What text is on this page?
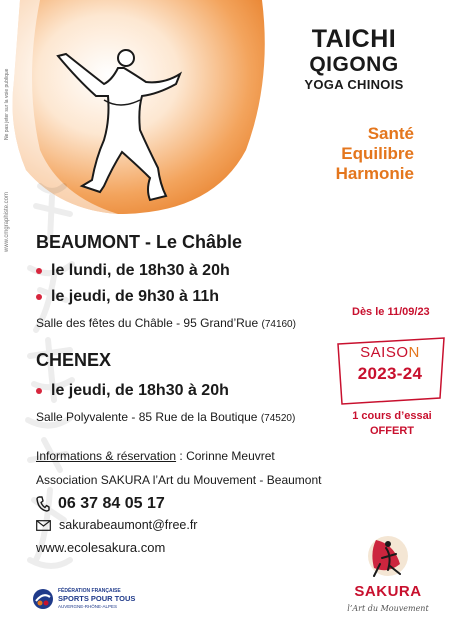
Ne pas jeter sur la voie publique
www.cmgraphiste.com
TAICHI
QIGONG
YOGA CHINOIS
Santé
Equilibre
Harmonie
BEAUMONT - Le Châble
le lundi, de 18h30 à 20h
le jeudi, de 9h30 à 11h
Salle des fêtes du Châble - 95 Grand’Rue (74160)
CHENEX
le jeudi, de 18h30 à 20h
Salle Polyvalente - 85 Rue de la Boutique (74520)
Dès le 11/09/23
SAISON
2023-24
1 cours d’essai
OFFERT
Informations & réservation : Corinne Meuvret
Association SAKURA l’Art du Mouvement - Beaumont
06 37 84 05 17
sakurabeaumont@free.fr
www.ecolesakura.com
FÉDÉRATION FRANÇAISE
SPORTS POUR TOUS
AUVERGNE-RHÔNE-ALPES
SAKURA
l’Art du Mouvement
